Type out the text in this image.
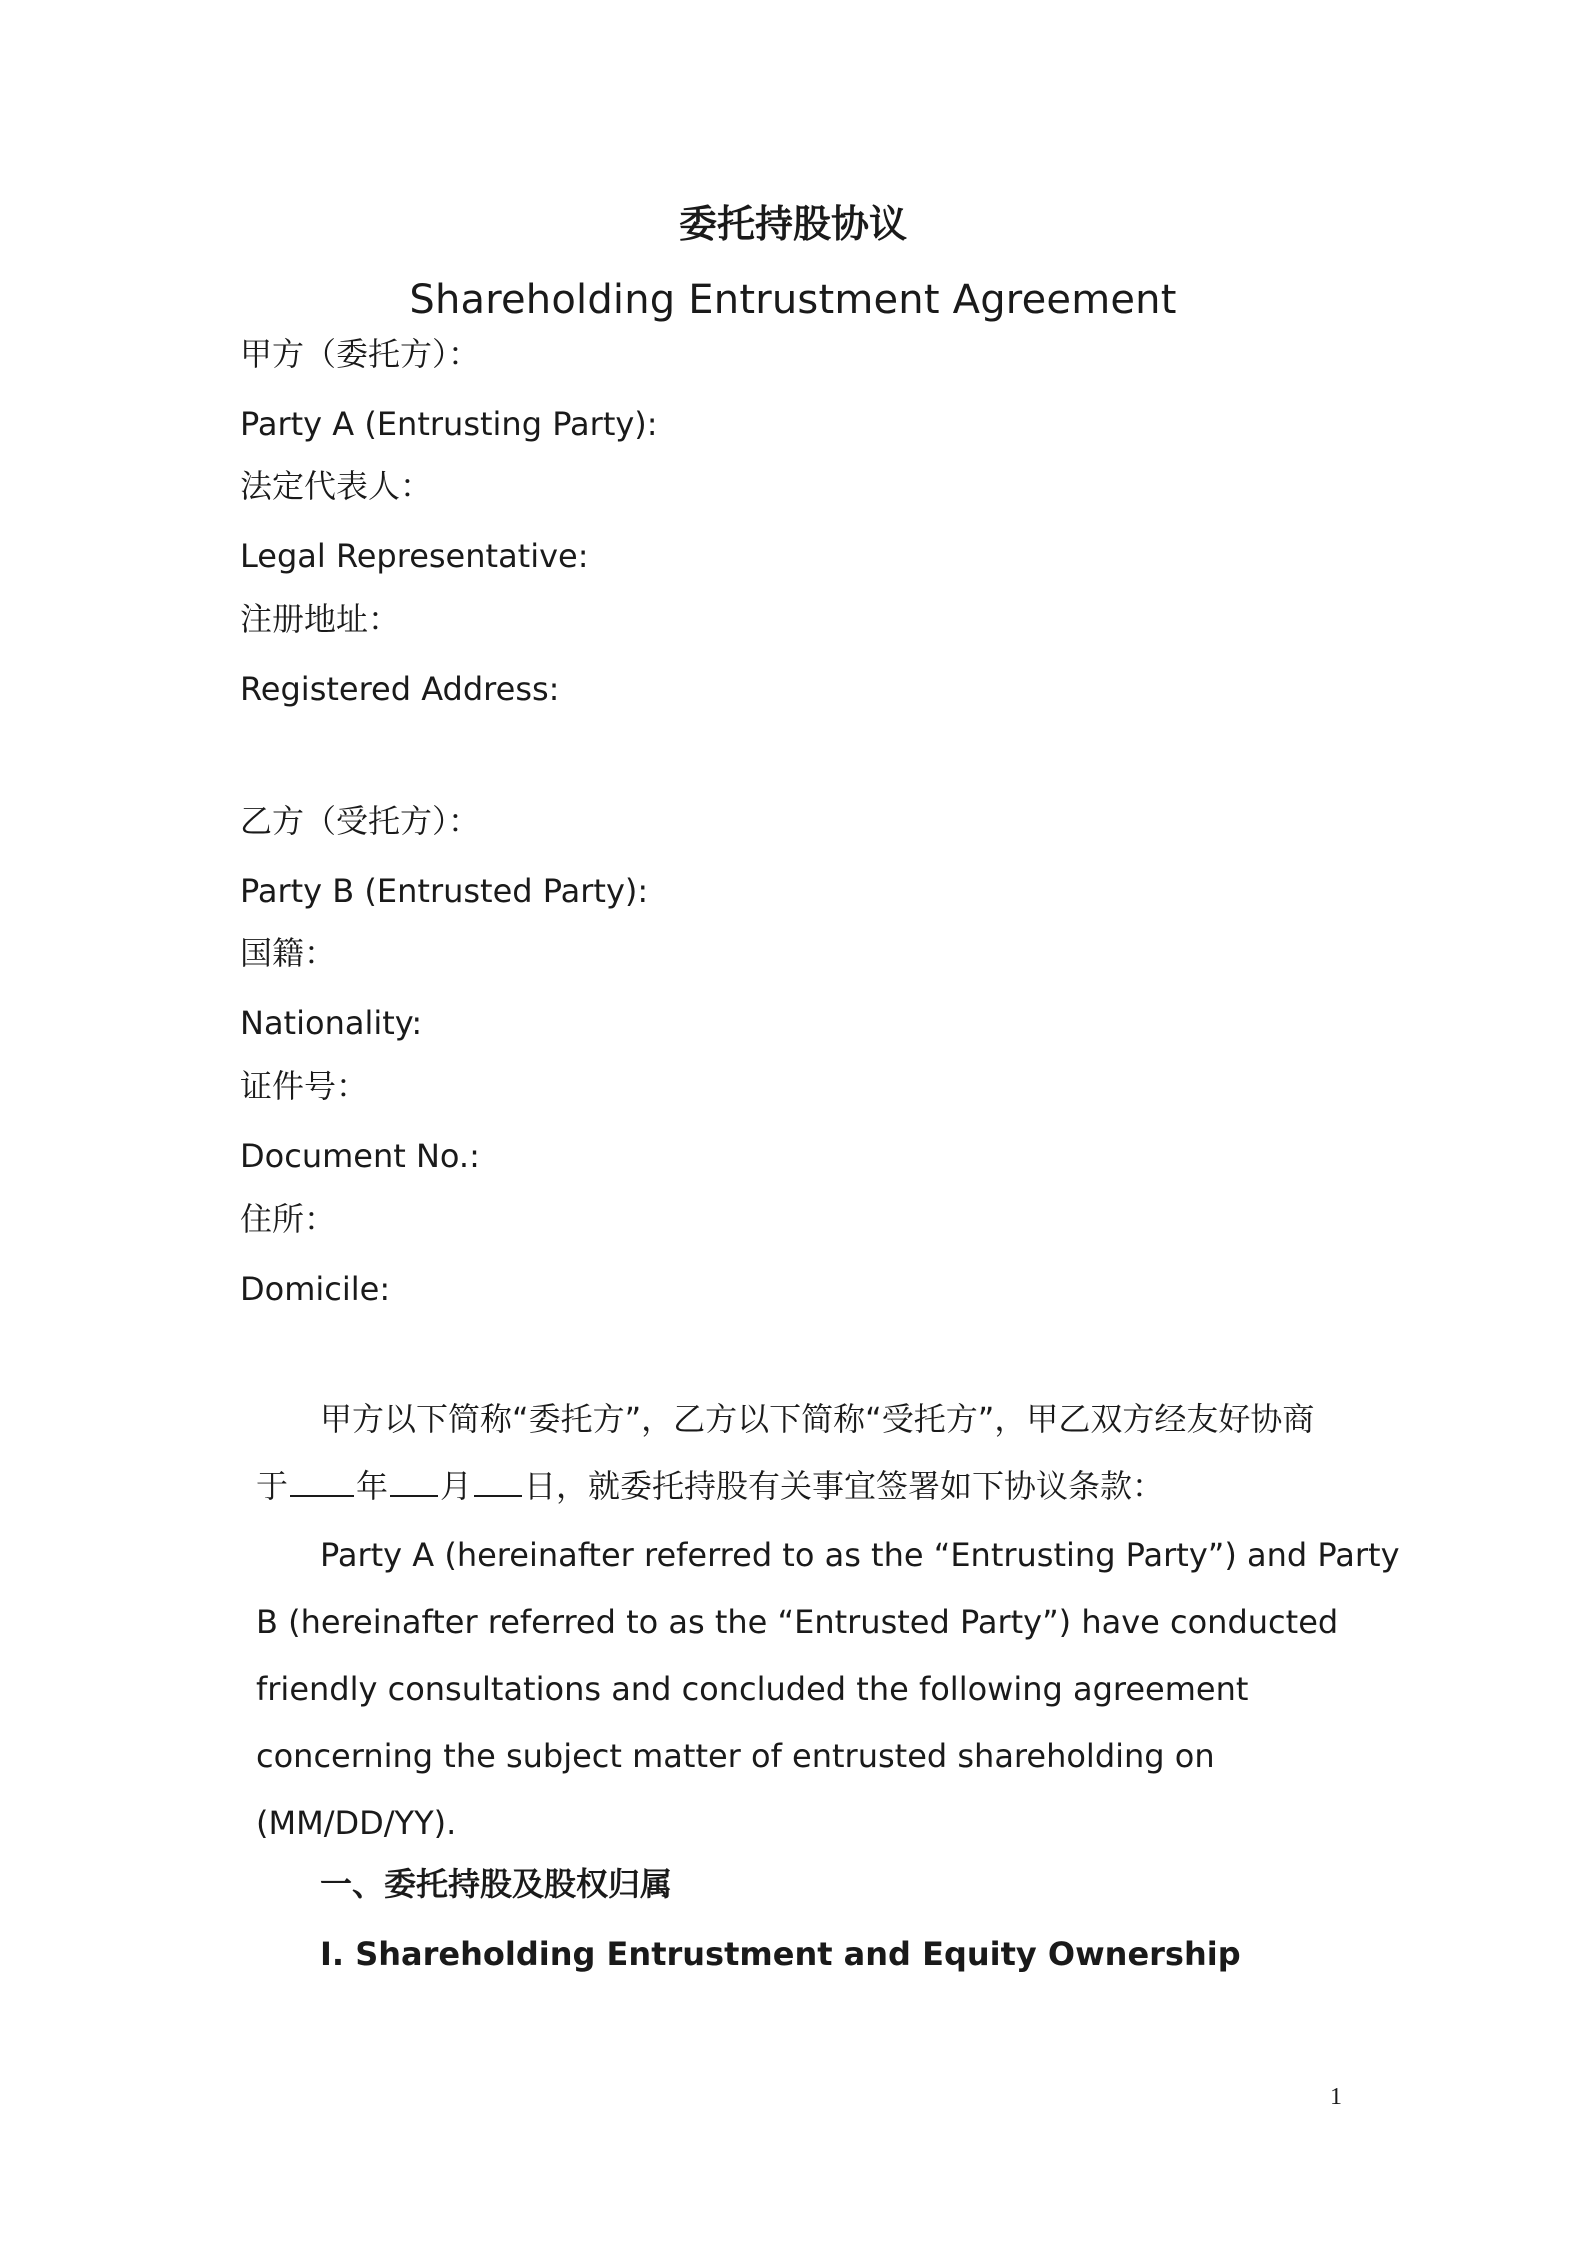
委托持股协议
Shareholding Entrustment Agreement
甲方（委托方）：
Party A (Entrusting Party):
法定代表人：
Legal Representative:
注册地址：
Registered Address:
乙方（受托方）：
Party B (Entrusted Party):
国籍：
Nationality:
证件号：
Document No.:
住所：
Domicile:
甲方以下简称“委托方”，乙方以下简称“受托方”，甲乙双方经友好协商
于 年 月 日，就委托持股有关事宜签署如下协议条款：
Party A (hereinafter referred to as the “Entrusting Party”) and Party
B (hereinafter referred to as the “Entrusted Party”) have conducted
friendly consultations and concluded the following agreement
concerning the subject matter of entrusted shareholding on
(MM/DD/YY).
一、委托持股及股权归属
I. Shareholding Entrustment and Equity Ownership
1
